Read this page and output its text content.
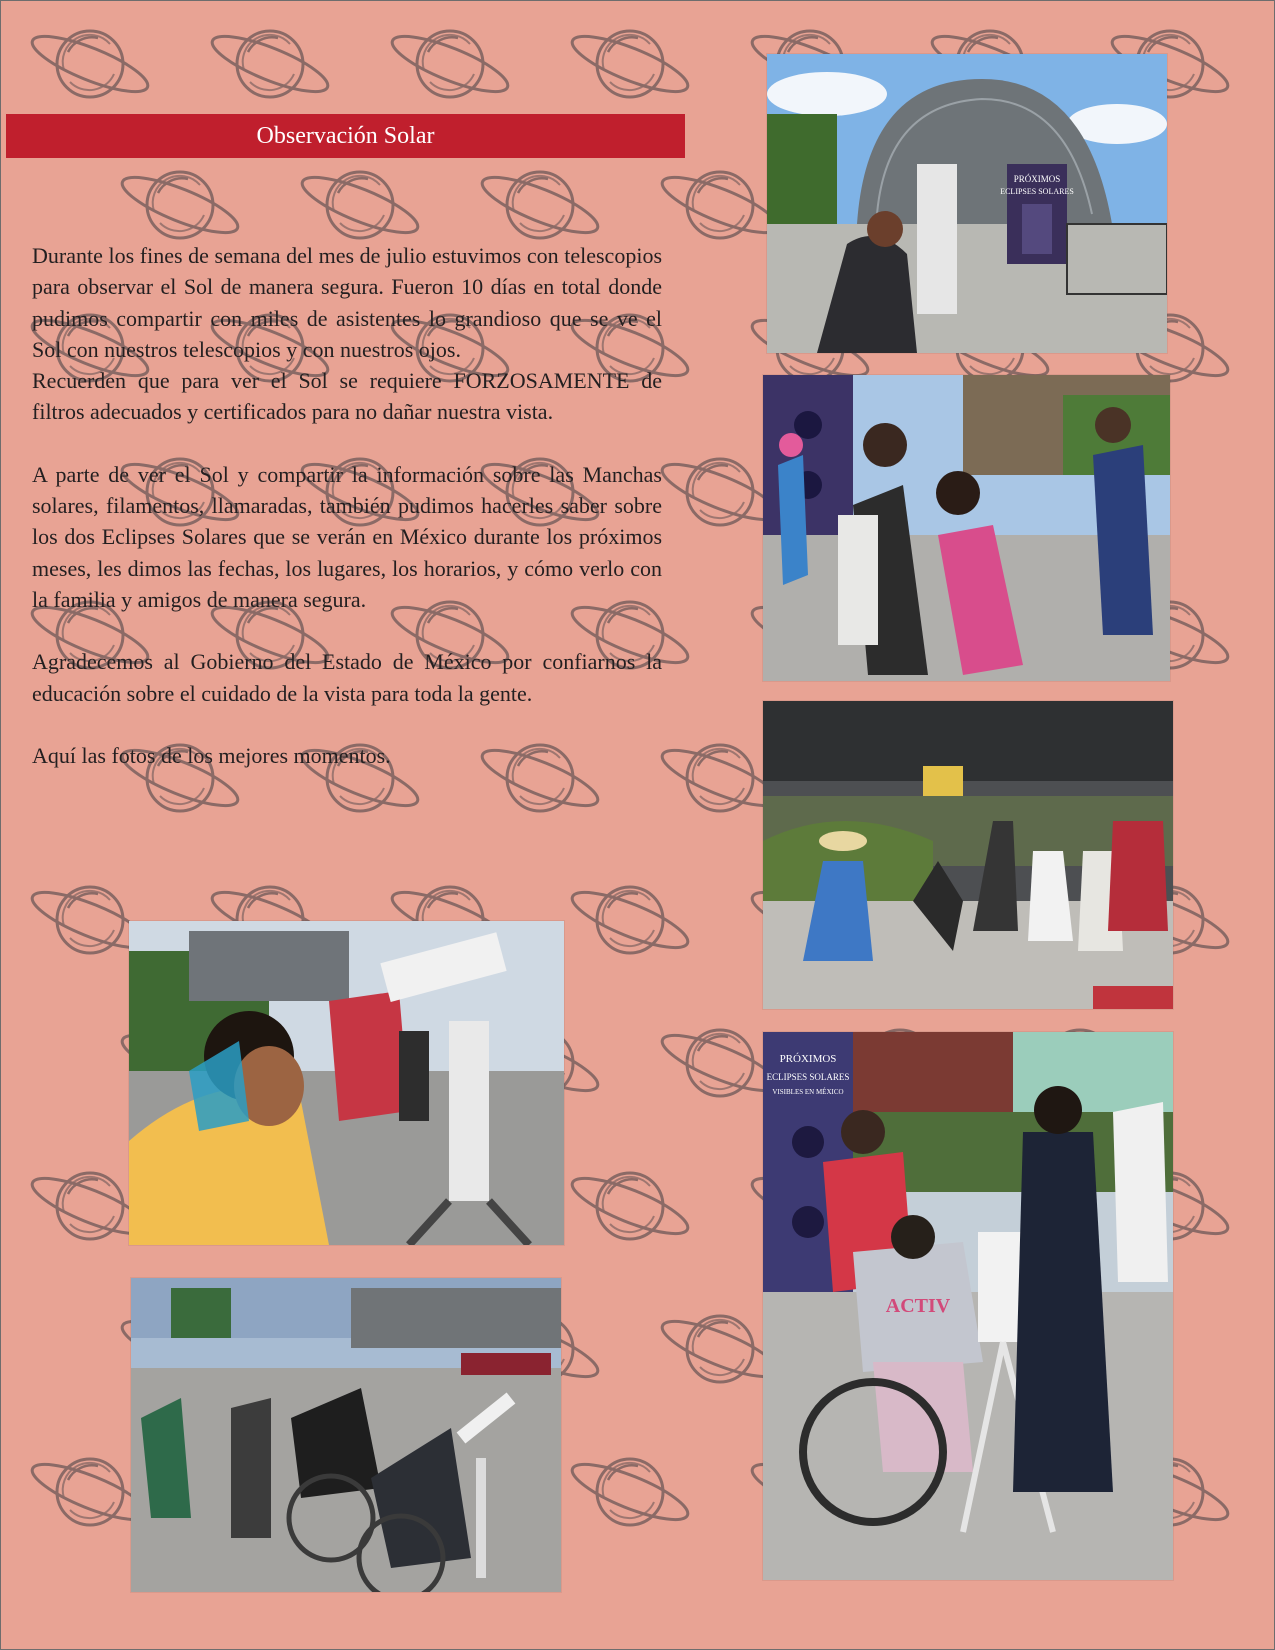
Observación Solar

Durante los fines de semana del mes de julio estuvimos con telescopios para observar el Sol de manera segura. Fueron 10 días en total donde pudimos compartir con miles de asistentes lo grandioso que se ve el Sol con nuestros telescopios y con nuestros ojos.

Recuerden que para ver el Sol se requiere FORZOSAMENTE de filtros adecuados y certificados para no dañar nuestra vista.

A parte de ver el Sol y compartir la información sobre las Manchas solares, filamentos, llamaradas, también pudimos hacerles saber sobre los dos Eclipses Solares que se verán en México durante los próximos meses, les dimos las fechas, los lugares, los horarios, y cómo verlo con la familia y amigos de manera segura.

Agradecemos al Gobierno del Estado de México por confiarnos la educación sobre el cuidado de la vista para toda la gente.

Aquí las fotos de los mejores momentos.

PRÓXIMOS
ECLIPSES SOLARES
PRÓXIMOS
ECLIPSES SOLARES
VISIBLES EN MÉXICO
ACTIV
